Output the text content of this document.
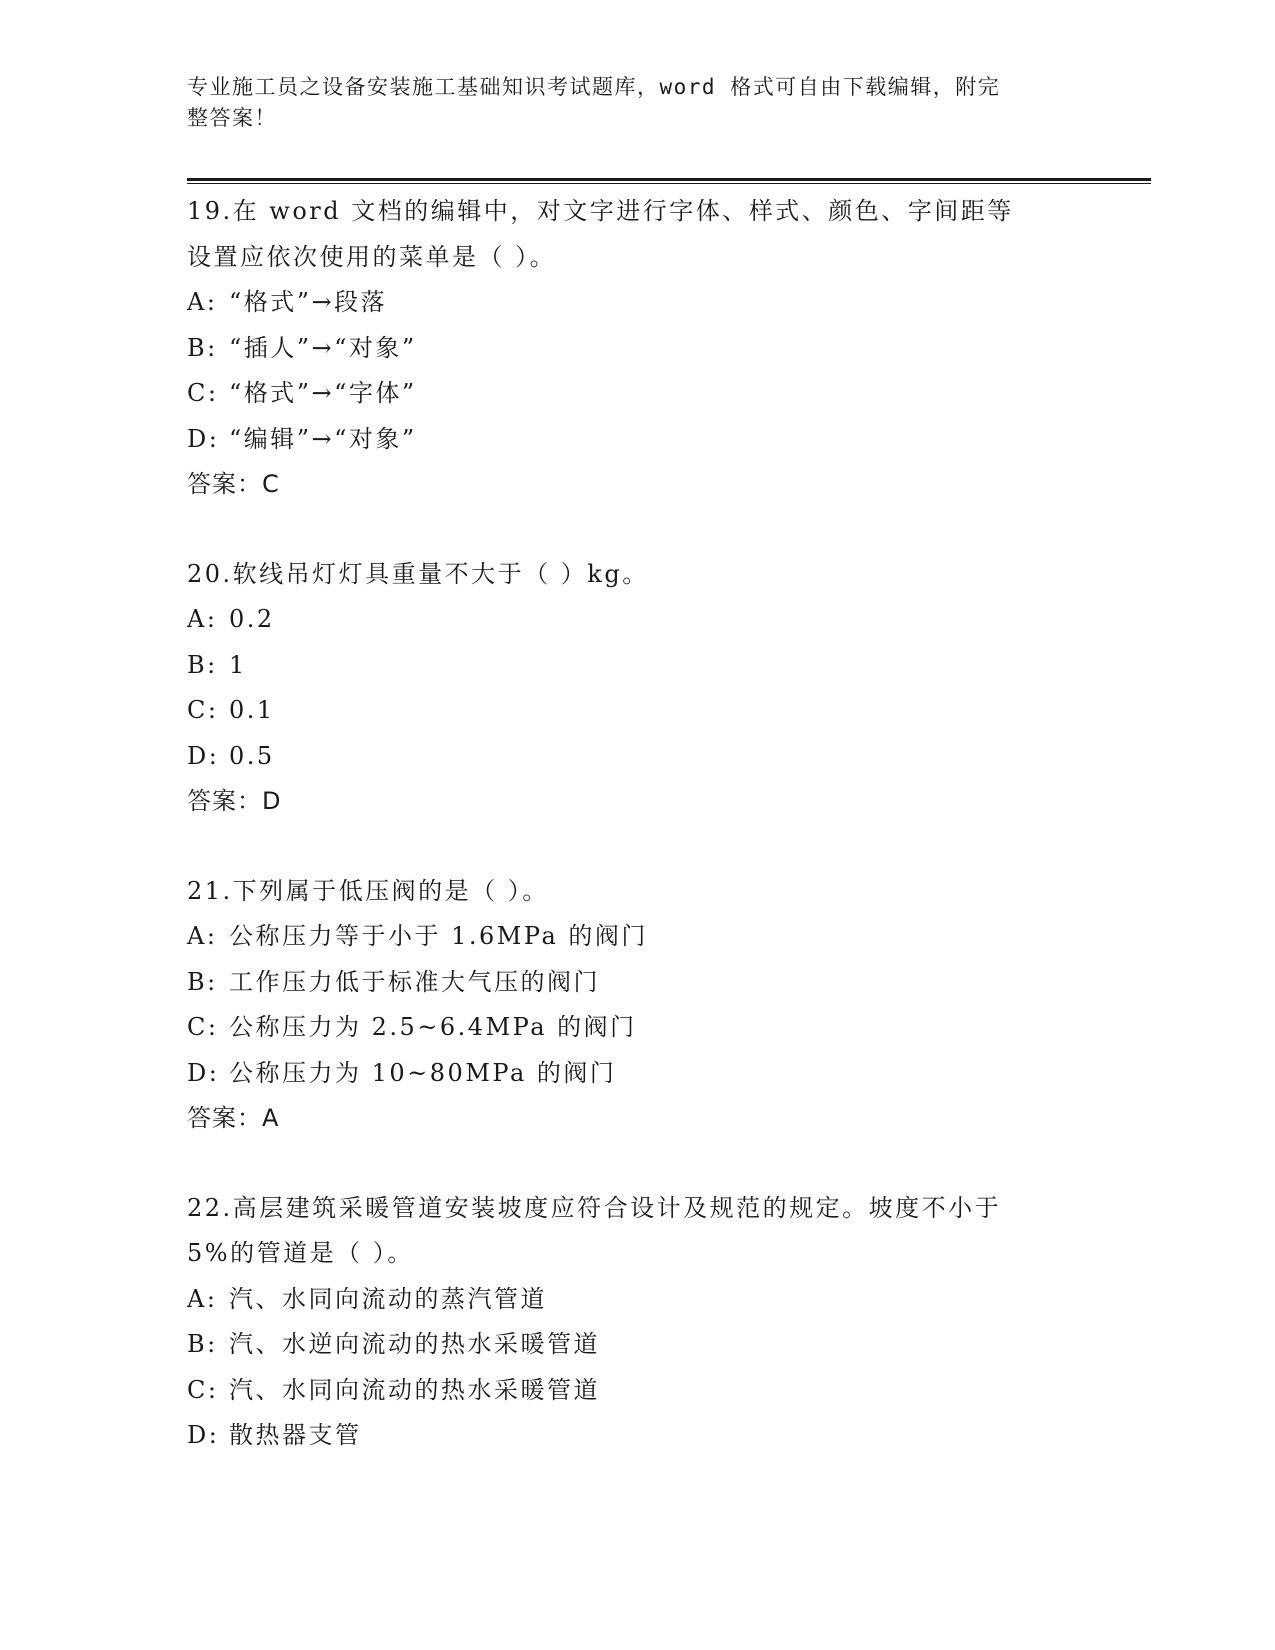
专业施工员之设备安装施工基础知识考试题库，word 格式可自由下载编辑，附完
整答案！

19.在 word 文档的编辑中，对文字进行字体、样式、颜色、字间距等

设置应依次使用的菜单是（ ）。

A: “格式”→段落

B: “插人”→“对象”

C: “格式”→“字体”

D: “编辑”→“对象”

答案：C

20.软线吊灯灯具重量不大于（ ）kg。

A: 0.2

B: 1

C: 0.1

D: 0.5

答案：D

21.下列属于低压阀的是（ ）。

A: 公称压力等于小于 1.6MPa 的阀门

B: 工作压力低于标准大气压的阀门

C: 公称压力为 2.5~6.4MPa 的阀门

D: 公称压力为 10~80MPa 的阀门

答案：A

22.高层建筑采暖管道安装坡度应符合设计及规范的规定。坡度不小于

5%的管道是（ ）。

A: 汽、水同向流动的蒸汽管道

B: 汽、水逆向流动的热水采暖管道

C: 汽、水同向流动的热水采暖管道

D: 散热器支管
